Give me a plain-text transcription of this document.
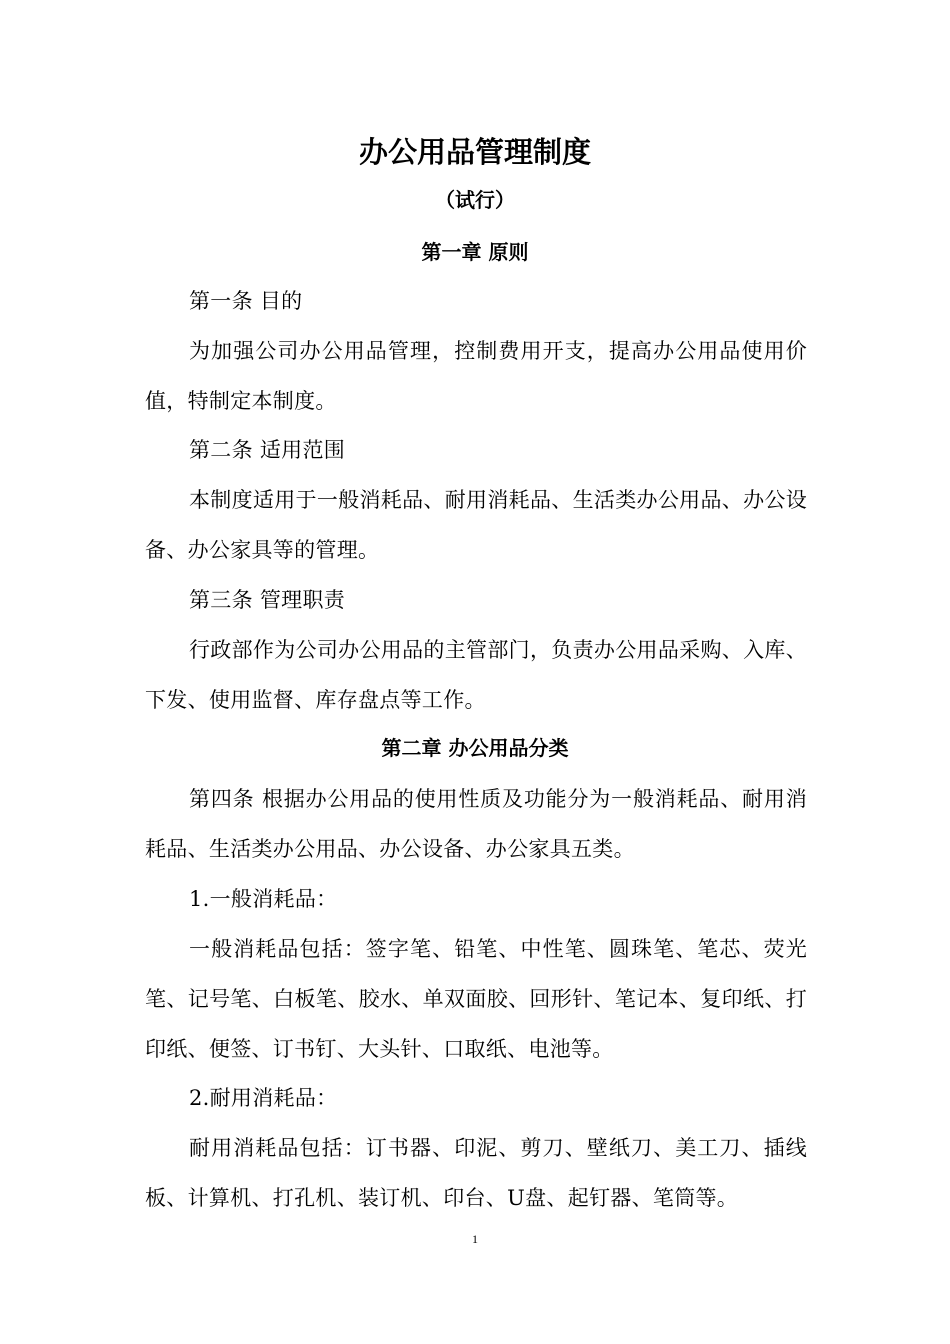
办公用品管理制度
（试行）
第一章 原则
第一条 目的
为加强公司办公用品管理，控制费用开支，提高办公用品使用价值，特制定本制度。
第二条 适用范围
本制度适用于一般消耗品、耐用消耗品、生活类办公用品、办公设备、办公家具等的管理。
第三条 管理职责
行政部作为公司办公用品的主管部门，负责办公用品采购、入库、下发、使用监督、库存盘点等工作。
第二章 办公用品分类
第四条 根据办公用品的使用性质及功能分为一般消耗品、耐用消耗品、生活类办公用品、办公设备、办公家具五类。
1.一般消耗品：
一般消耗品包括：签字笔、铅笔、中性笔、圆珠笔、笔芯、荧光笔、记号笔、白板笔、胶水、单双面胶、回形针、笔记本、复印纸、打印纸、便签、订书钉、大头针、口取纸、电池等。
2.耐用消耗品：
耐用消耗品包括：订书器、印泥、剪刀、壁纸刀、美工刀、插线板、计算机、打孔机、装订机、印台、U盘、起钉器、笔筒等。
1
